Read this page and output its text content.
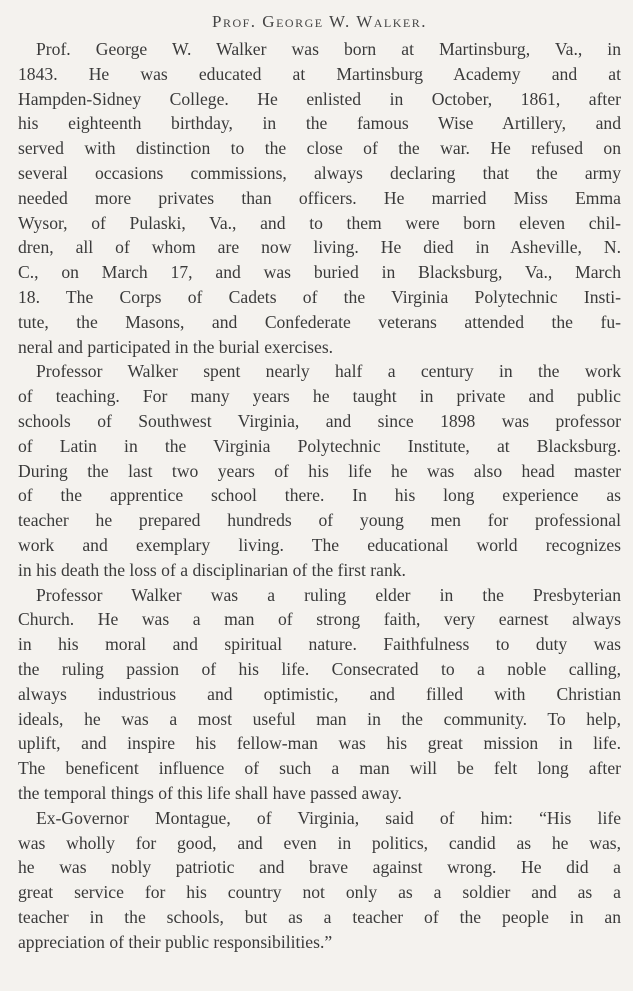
Prof. George W. Walker.
Prof. George W. Walker was born at Martinsburg, Va., in
1843. He was educated at Martinsburg Academy and at
Hampden-Sidney College. He enlisted in October, 1861, after
his eighteenth birthday, in the famous Wise Artillery, and
served with distinction to the close of the war. He refused on
several occasions commissions, always declaring that the army
needed more privates than officers. He married Miss Emma
Wysor, of Pulaski, Va., and to them were born eleven chil-
dren, all of whom are now living. He died in Asheville, N.
C., on March 17, and was buried in Blacksburg, Va., March
18. The Corps of Cadets of the Virginia Polytechnic Insti-
tute, the Masons, and Confederate veterans attended the fu-
neral and participated in the burial exercises.
Professor Walker spent nearly half a century in the work
of teaching. For many years he taught in private and public
schools of Southwest Virginia, and since 1898 was professor
of Latin in the Virginia Polytechnic Institute, at Blacksburg.
During the last two years of his life he was also head master
of the apprentice school there. In his long experience as
teacher he prepared hundreds of young men for professional
work and exemplary living. The educational world recognizes
in his death the loss of a disciplinarian of the first rank.
Professor Walker was a ruling elder in the Presbyterian
Church. He was a man of strong faith, very earnest always
in his moral and spiritual nature. Faithfulness to duty was
the ruling passion of his life. Consecrated to a noble calling,
always industrious and optimistic, and filled with Christian
ideals, he was a most useful man in the community. To help,
uplift, and inspire his fellow-man was his great mission in life.
The beneficent influence of such a man will be felt long after
the temporal things of this life shall have passed away.
Ex-Governor Montague, of Virginia, said of him: “His life
was wholly for good, and even in politics, candid as he was,
he was nobly patriotic and brave against wrong. He did a
great service for his country not only as a soldier and as a
teacher in the schools, but as a teacher of the people in an
appreciation of their public responsibilities.”
